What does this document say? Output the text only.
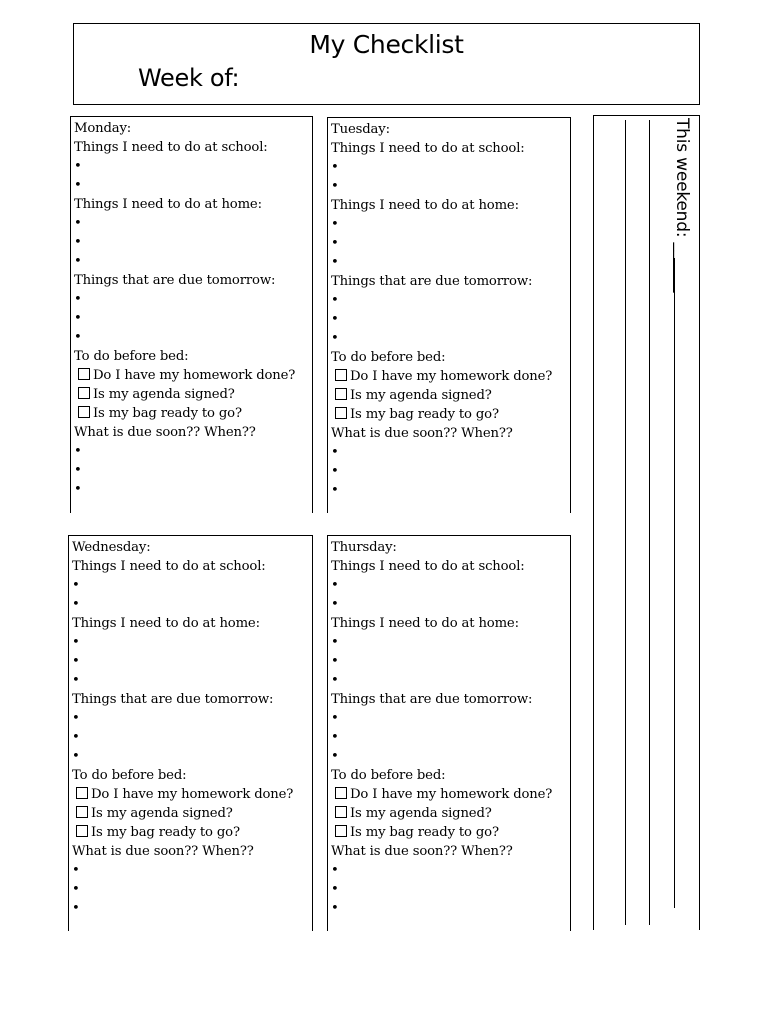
My Checklist
Week of:
Monday:
Things I need to do at school:
•
•
Things I need to do at home:
•
•
•
Things that are due tomorrow:
•
•
•
To do before bed:
Do I have my homework done?
Is my agenda signed?
Is my bag ready to go?
What is due soon?? When??
•
•
•
Tuesday:
Things I need to do at school:
•
•
Things I need to do at home:
•
•
•
Things that are due tomorrow:
•
•
•
To do before bed:
Do I have my homework done?
Is my agenda signed?
Is my bag ready to go?
What is due soon?? When??
•
•
•
Wednesday:
Things I need to do at school:
•
•
Things I need to do at home:
•
•
•
Things that are due tomorrow:
•
•
•
To do before bed:
Do I have my homework done?
Is my agenda signed?
Is my bag ready to go?
What is due soon?? When??
•
•
•
Thursday:
Things I need to do at school:
•
•
Things I need to do at home:
•
•
•
Things that are due tomorrow:
•
•
•
To do before bed:
Do I have my homework done?
Is my agenda signed?
Is my bag ready to go?
What is due soon?? When??
•
•
•
This weekend: ______
